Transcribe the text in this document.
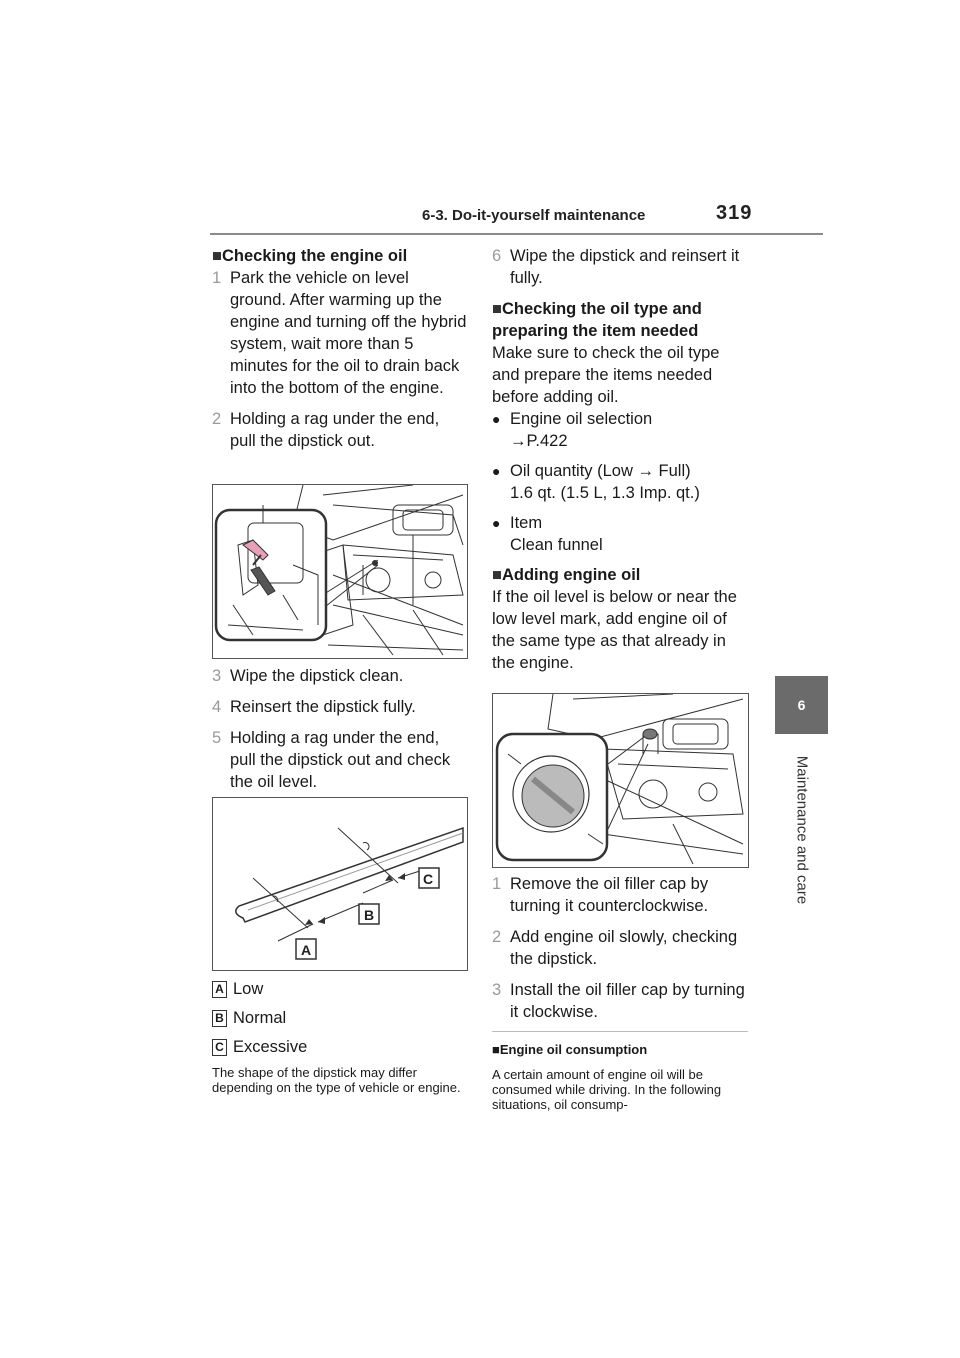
6-3. Do-it-yourself maintenance	319
6
Maintenance and care

■Checking the engine oil

1 Park the vehicle on level ground. After warming up the engine and turning off the hybrid system, wait more than 5 minutes for the oil to drain back into the bottom of the engine.
2 Holding a rag under the end, pull the dipstick out.
3 Wipe the dipstick clean.
4 Reinsert the dipstick fully.
5 Holding a rag under the end, pull the dipstick out and check the oil level.
A
B
C
A Low
B Normal
C Excessive

The shape of the dipstick may differ depending on the type of vehicle or engine.

6 Wipe the dipstick and reinsert it fully.

■Checking the oil type and preparing the item needed

Make sure to check the oil type and prepare the items needed before adding oil.

● Engine oil selection
→P.422
● Oil quantity (Low → Full)
1.6 qt. (1.5 L, 1.3 Imp. qt.)
● Item
Clean funnel

■Adding engine oil

If the oil level is below or near the low level mark, add engine oil of the same type as that already in the engine.

1 Remove the oil filler cap by turning it counterclockwise.
2 Add engine oil slowly, checking the dipstick.
3 Install the oil filler cap by turning it clockwise.

■Engine oil consumption

A certain amount of engine oil will be consumed while driving. In the following situations, oil consump-
